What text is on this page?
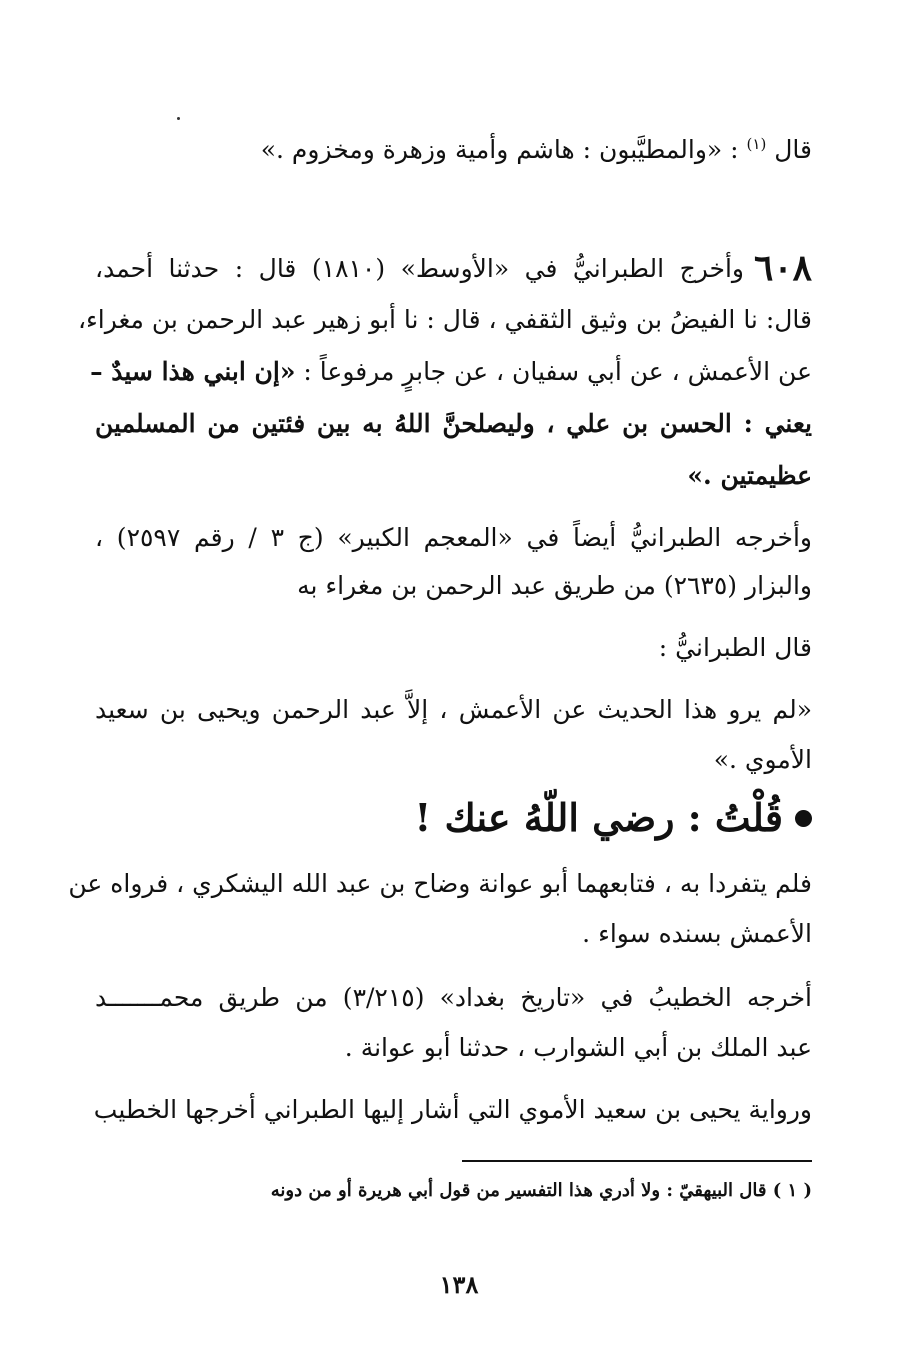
قال $^{(١)}$ : «والمطيَّبون : هاشم وأمية وزهرة ومخزوم .»
٦٠٨وأخرج الطبرانيُّ في «الأوسط» (١٨١٠) قال : حدثنا أحمد،
قال: نا الفيضُ بن وثيق الثقفي ، قال : نا أبو زهير عبد الرحمن بن مغراء،
عن الأعمش ، عن أبي سفيان ، عن جابرٍ مرفوعاً : «إن ابني هذا سيدٌ –
يعني : الحسن بن علي ، وليصلحنَّ اللهُ به بين فئتين من المسلمين
عظيمتين .»
وأخرجه الطبرانيُّ أيضاً في «المعجم الكبير» (ج ٣ / رقم ٢٥٩٧) ،
والبزار (٢٦٣٥) من طريق عبد الرحمن بن مغراء به
قال الطبرانيُّ :
«لم يرو هذا الحديث عن الأعمش ، إلاَّ عبد الرحمن ويحيى بن سعيد
الأموي .»
قُلْتُ : رضي اللّهُ عنك !
فلم يتفردا به ، فتابعهما أبو عوانة وضاح بن عبد الله اليشكري ، فرواه عن
الأعمش بسنده سواء .
أخرجه الخطيبُ في «تاريخ بغداد» (٣/٢١٥) من طريق محمـــــــد
عبد الملك بن أبي الشوارب ، حدثنا أبو عوانة .
ورواية يحيى بن سعيد الأموي التي أشار إليها الطبراني أخرجها الخطيب
( ١ ) قال البيهقيّ : ولا أدري هذا التفسير من قول أبي هريرة أو من دونه
١٣٨
